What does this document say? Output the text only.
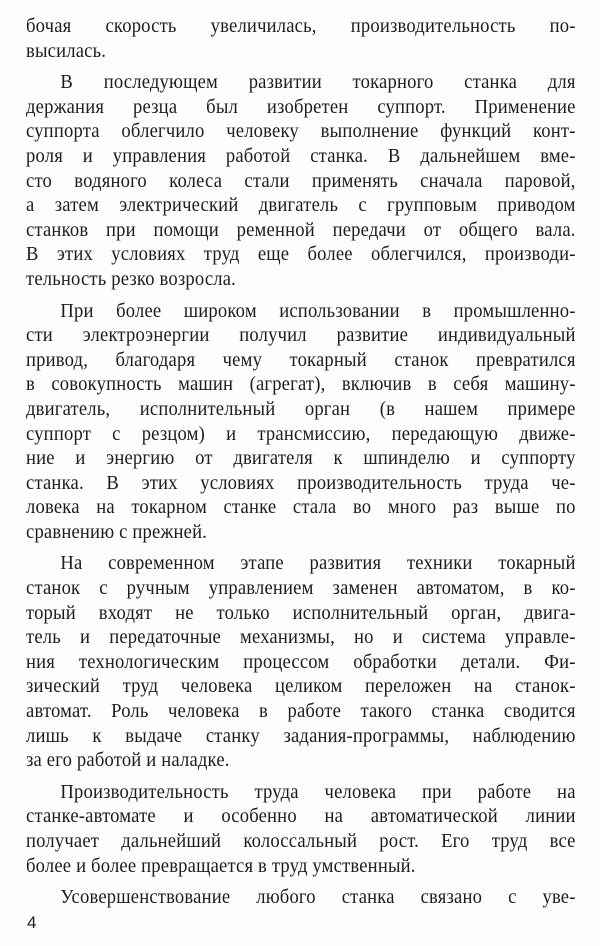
бочая скорость увеличилась, производительность по-
высилась.
В последующем развитии токарного станка для
держания резца был изобретен суппорт. Применение
суппорта облегчило человеку выполнение функций конт-
роля и управления работой станка. В дальнейшем вме-
сто водяного колеса стали применять сначала паровой,
а затем электрический двигатель с групповым приводом
станков при помощи ременной передачи от общего вала.
В этих условиях труд еще более облегчился, производи-
тельность резко возросла.
При более широком использовании в промышленно-
сти электроэнергии получил развитие индивидуальный
привод, благодаря чему токарный станок превратился
в совокупность машин (агрегат), включив в себя машину-
двигатель, исполнительный орган (в нашем примере
суппорт с резцом) и трансмиссию, передающую движе-
ние и энергию от двигателя к шпинделю и суппорту
станка. В этих условиях производительность труда че-
ловека на токарном станке стала во много раз выше по
сравнению с прежней.
На современном этапе развития техники токарный
станок с ручным управлением заменен автоматом, в ко-
торый входят не только исполнительный орган, двига-
тель и передаточные механизмы, но и система управле-
ния технологическим процессом обработки детали. Фи-
зический труд человека целиком переложен на станок-
автомат. Роль человека в работе такого станка сводится
лишь к выдаче станку задания-программы, наблюдению
за его работой и наладке.
Производительность труда человека при работе на
станке-автомате и особенно на автоматической линии
получает дальнейший колоссальный рост. Его труд все
более и более превращается в труд умственный.
Усовершенствование любого станка связано с уве-
4
